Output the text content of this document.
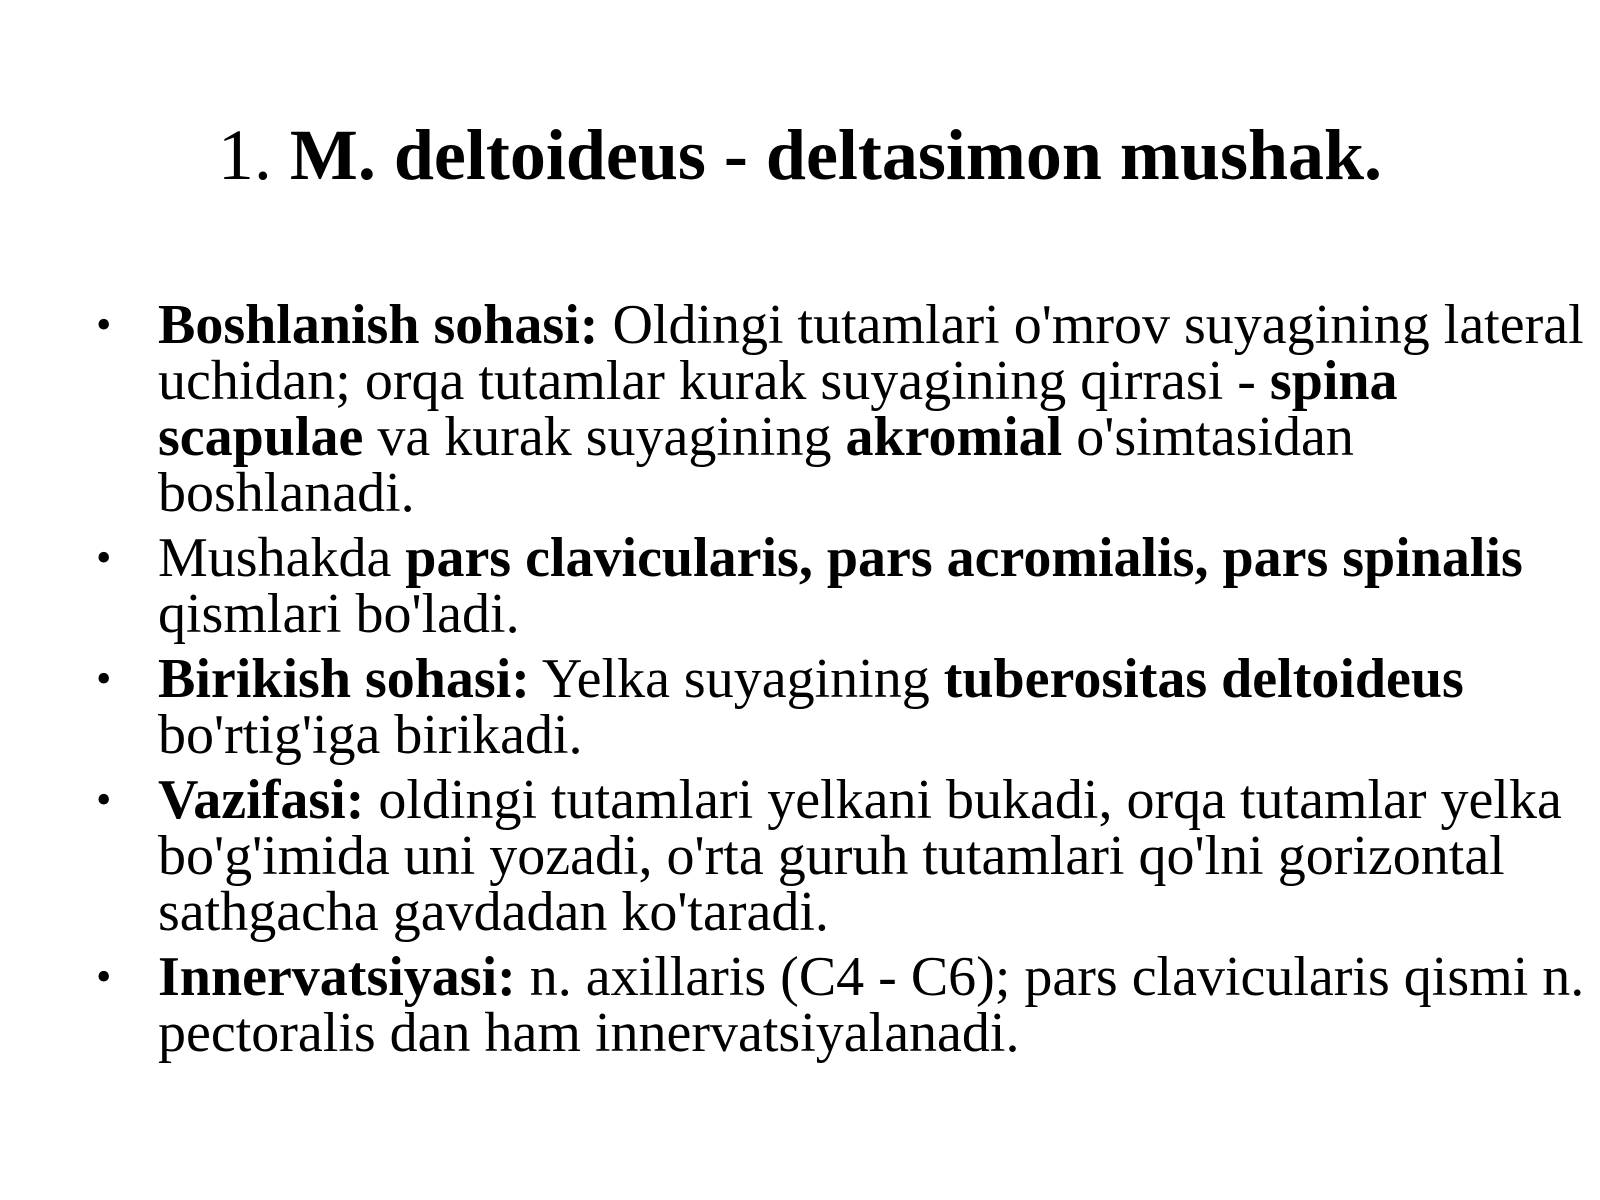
1. M. deltoideus - deltasimon mushak.
• Boshlanish sohasi: Oldingi tutamlari o'mrov suyagining lateral uchidan; orqa tutamlar kurak suyagining qirrasi - spina scapulae va kurak suyagining akromial o'simtasidan boshlanadi.
• Mushakda pars clavicularis, pars acromialis, pars spinalis qismlari bo'ladi.
• Birikish sohasi: Yelka suyagining tuberositas deltoideus bo'rtig'iga birikadi.
• Vazifasi: oldingi tutamlari yelkani bukadi, orqa tutamlar yelka bo'g'imida uni yozadi, o'rta guruh tutamlari qo'lni gorizontal sathgacha gavdadan ko'taradi.
• Innervatsiyasi: n. axillaris (C4 - C6); pars clavicularis qismi n. pectoralis dan ham innervatsiyalanadi.
